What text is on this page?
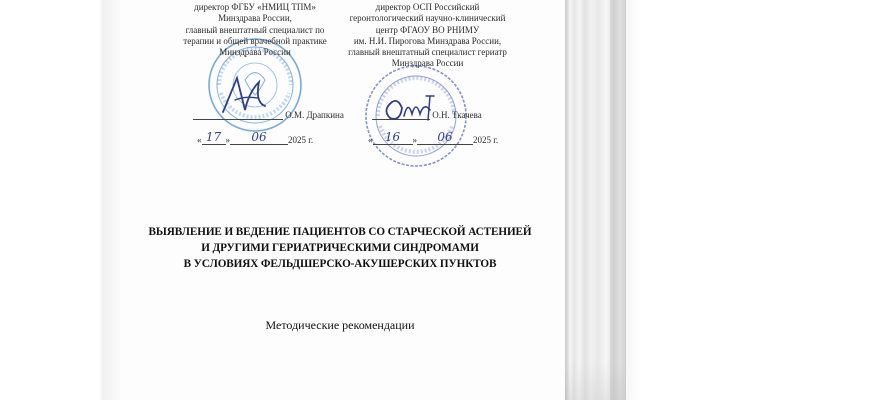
директор ФГБУ «НМИЦ ТПМ»
Минздрава России,
главный внештатный специалист по
терапии и общей врачебной практике
Минздрава России
О.М. Драпкина
« 17 » 06 2025 г.
директор ОСП Российский
геронтологический научно-клинический
центр ФГАОУ ВО РНИМУ
им. Н.И. Пирогова Минздрава России,
главный внештатный специалист гериатр
Минздрава России
О.Н. Ткачева
« 16 » 06 2025 г.
ВЫЯВЛЕНИЕ И ВЕДЕНИЕ ПАЦИЕНТОВ СО СТАРЧЕСКОЙ АСТЕНИЕЙ
И ДРУГИМИ ГЕРИАТРИЧЕСКИМИ СИНДРОМАМИ
В УСЛОВИЯХ ФЕЛЬДШЕРСКО-АКУШЕРСКИХ ПУНКТОВ
Методические рекомендации
